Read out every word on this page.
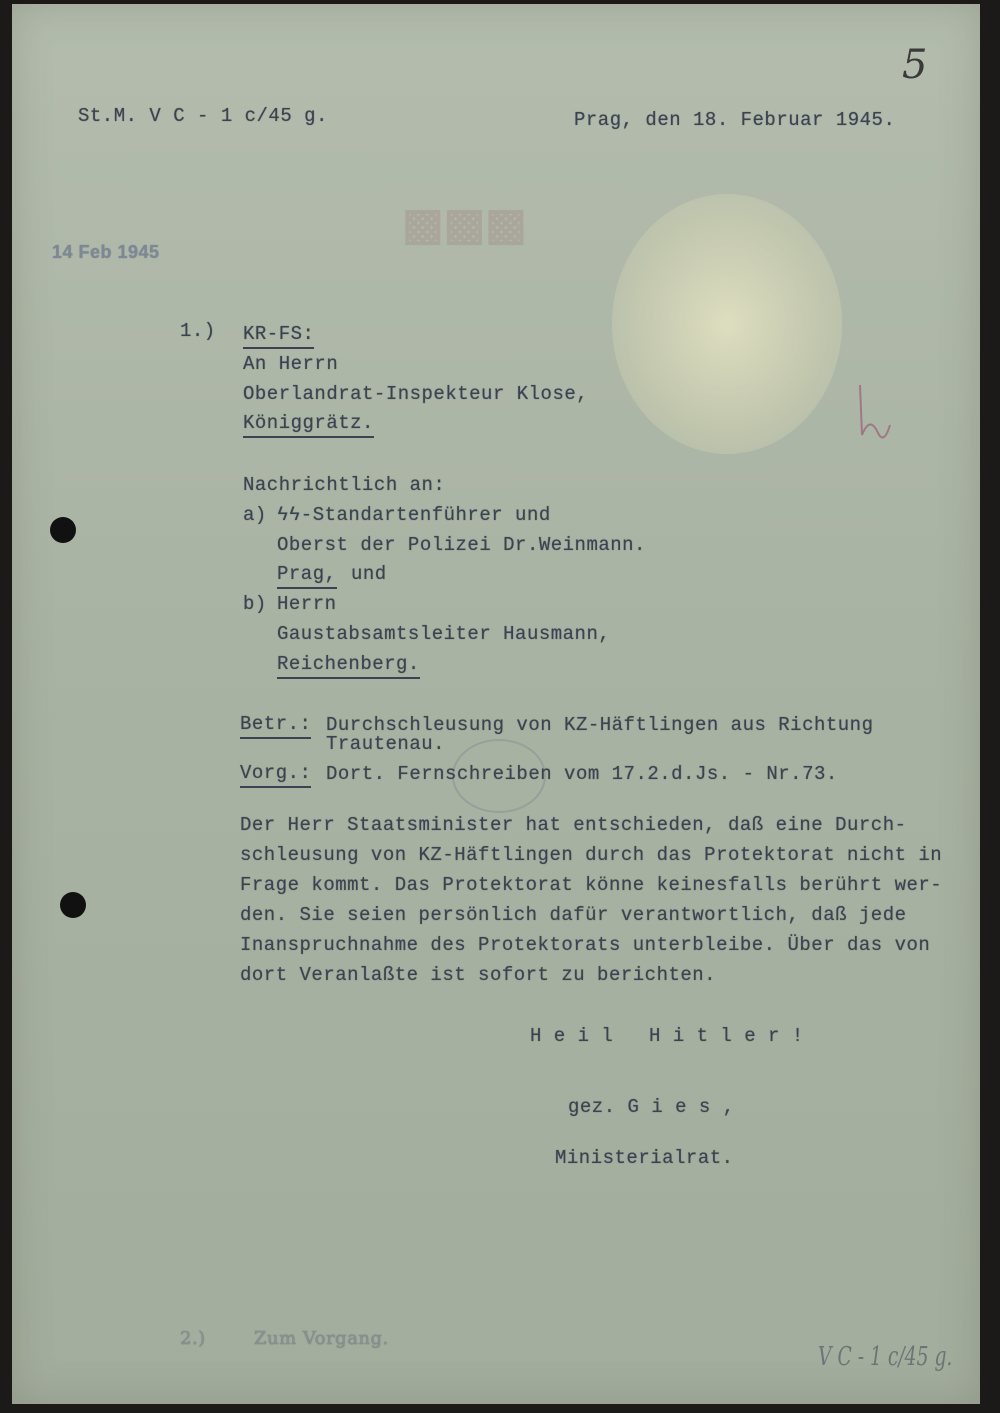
▩▩▩

St.M. V C - 1 c/45 g.	Prag, den 18. Februar 1945.

14 Feb 1945

5

1.) KR-FS:

An Herrn

Oberlandrat-Inspekteur Klose,

Königgrätz.

Nachrichtlich an:

a) ϟϟ-Standartenführer und

Oberst der Polizei Dr.Weinmann.

Prag, und

b) Herrn

Gaustabsamtsleiter Hausmann,

Reichenberg.

Betr.: Durchschleusung von KZ-Häftlingen aus Richtung

Trautenau.

Vorg.: Dort. Fernschreiben vom 17.2.d.Js. - Nr.73.

Der Herr Staatsminister hat entschieden, daß eine Durch-

schleusung von KZ-Häftlingen durch das Protektorat nicht in

Frage kommt. Das Protektorat könne keinesfalls berührt wer-

den. Sie seien persönlich dafür verantwortlich, daß jede

Inanspruchnahme des Protektorats unterbleibe. Über das von

dort Veranlaßte ist sofort zu berichten.

H e i l   H i t l e r !

gez. G i e s ,

Ministerialrat.

2.)	Zum Vorgang.

V C - 1 c/45 g.
